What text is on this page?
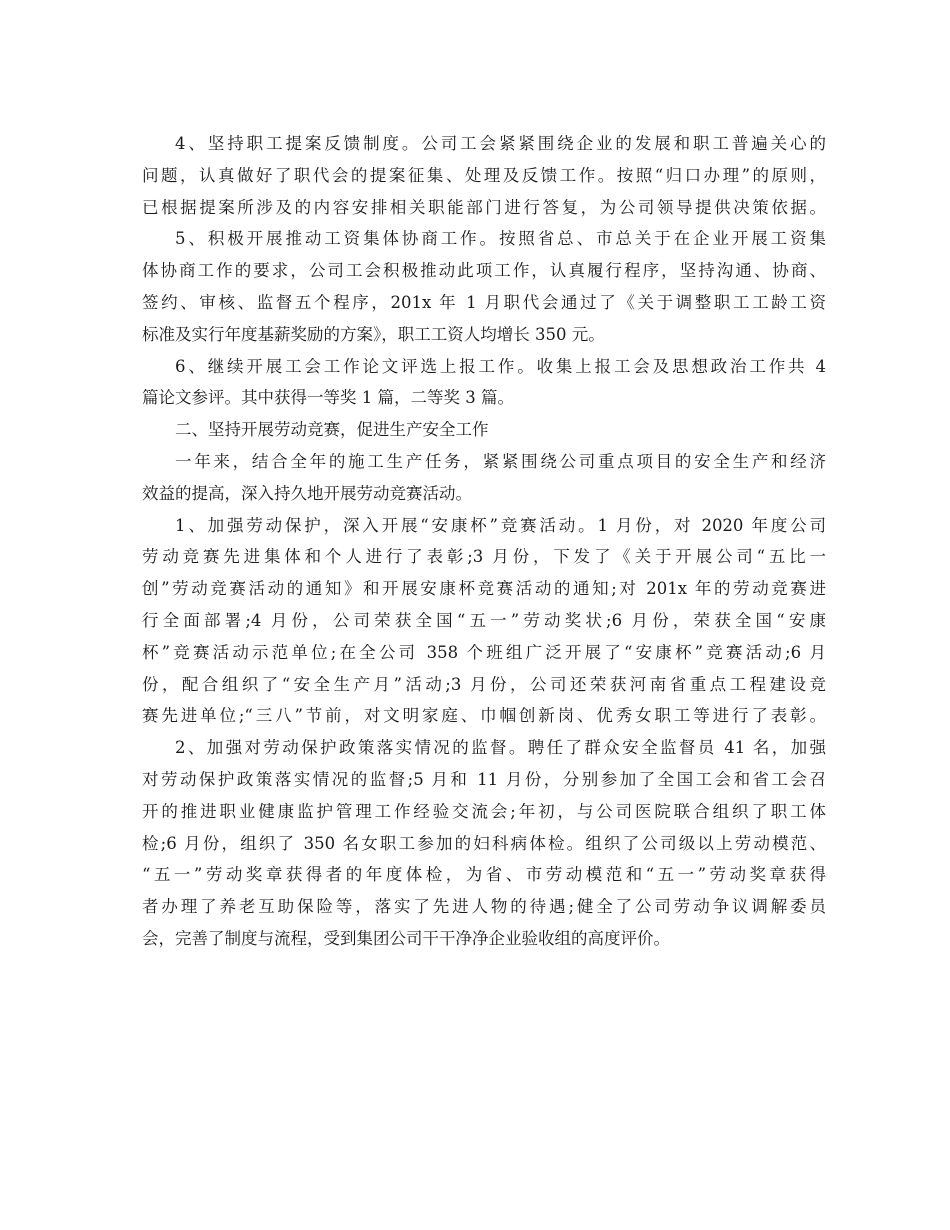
4、坚持职工提案反馈制度。公司工会紧紧围绕企业的发展和职工普遍关心的
问题，认真做好了职代会的提案征集、处理及反馈工作。按照“归口办理”的原则，
已根据提案所涉及的内容安排相关职能部门进行答复，为公司领导提供决策依据。
5、积极开展推动工资集体协商工作。按照省总、市总关于在企业开展工资集
体协商工作的要求，公司工会积极推动此项工作，认真履行程序，坚持沟通、协商、
签约、审核、监督五个程序，201x 年 1 月职代会通过了《关于调整职工工龄工资
标准及实行年度基薪奖励的方案》，职工工资人均增长 350 元。
6、继续开展工会工作论文评选上报工作。收集上报工会及思想政治工作共 4
篇论文参评。其中获得一等奖 1 篇，二等奖 3 篇。
二、坚持开展劳动竞赛，促进生产安全工作
一年来，结合全年的施工生产任务，紧紧围绕公司重点项目的安全生产和经济
效益的提高，深入持久地开展劳动竞赛活动。
1、加强劳动保护，深入开展“安康杯”竞赛活动。1 月份，对 2020 年度公司
劳动竞赛先进集体和个人进行了表彰;3 月份，下发了《关于开展公司“五比一
创”劳动竞赛活动的通知》和开展安康杯竞赛活动的通知;对 201x 年的劳动竞赛进
行全面部署;4 月份，公司荣获全国“五一”劳动奖状;6 月份，荣获全国“安康
杯”竞赛活动示范单位;在全公司 358 个班组广泛开展了“安康杯”竞赛活动;6 月
份，配合组织了“安全生产月”活动;3 月份，公司还荣获河南省重点工程建设竞
赛先进单位;“三八”节前，对文明家庭、巾帼创新岗、优秀女职工等进行了表彰。
2、加强对劳动保护政策落实情况的监督。聘任了群众安全监督员 41 名，加强
对劳动保护政策落实情况的监督;5 月和 11 月份，分别参加了全国工会和省工会召
开的推进职业健康监护管理工作经验交流会;年初，与公司医院联合组织了职工体
检;6 月份，组织了 350 名女职工参加的妇科病体检。组织了公司级以上劳动模范、
“五一”劳动奖章获得者的年度体检，为省、市劳动模范和“五一”劳动奖章获得
者办理了养老互助保险等，落实了先进人物的待遇;健全了公司劳动争议调解委员
会，完善了制度与流程，受到集团公司干干净净企业验收组的高度评价。
